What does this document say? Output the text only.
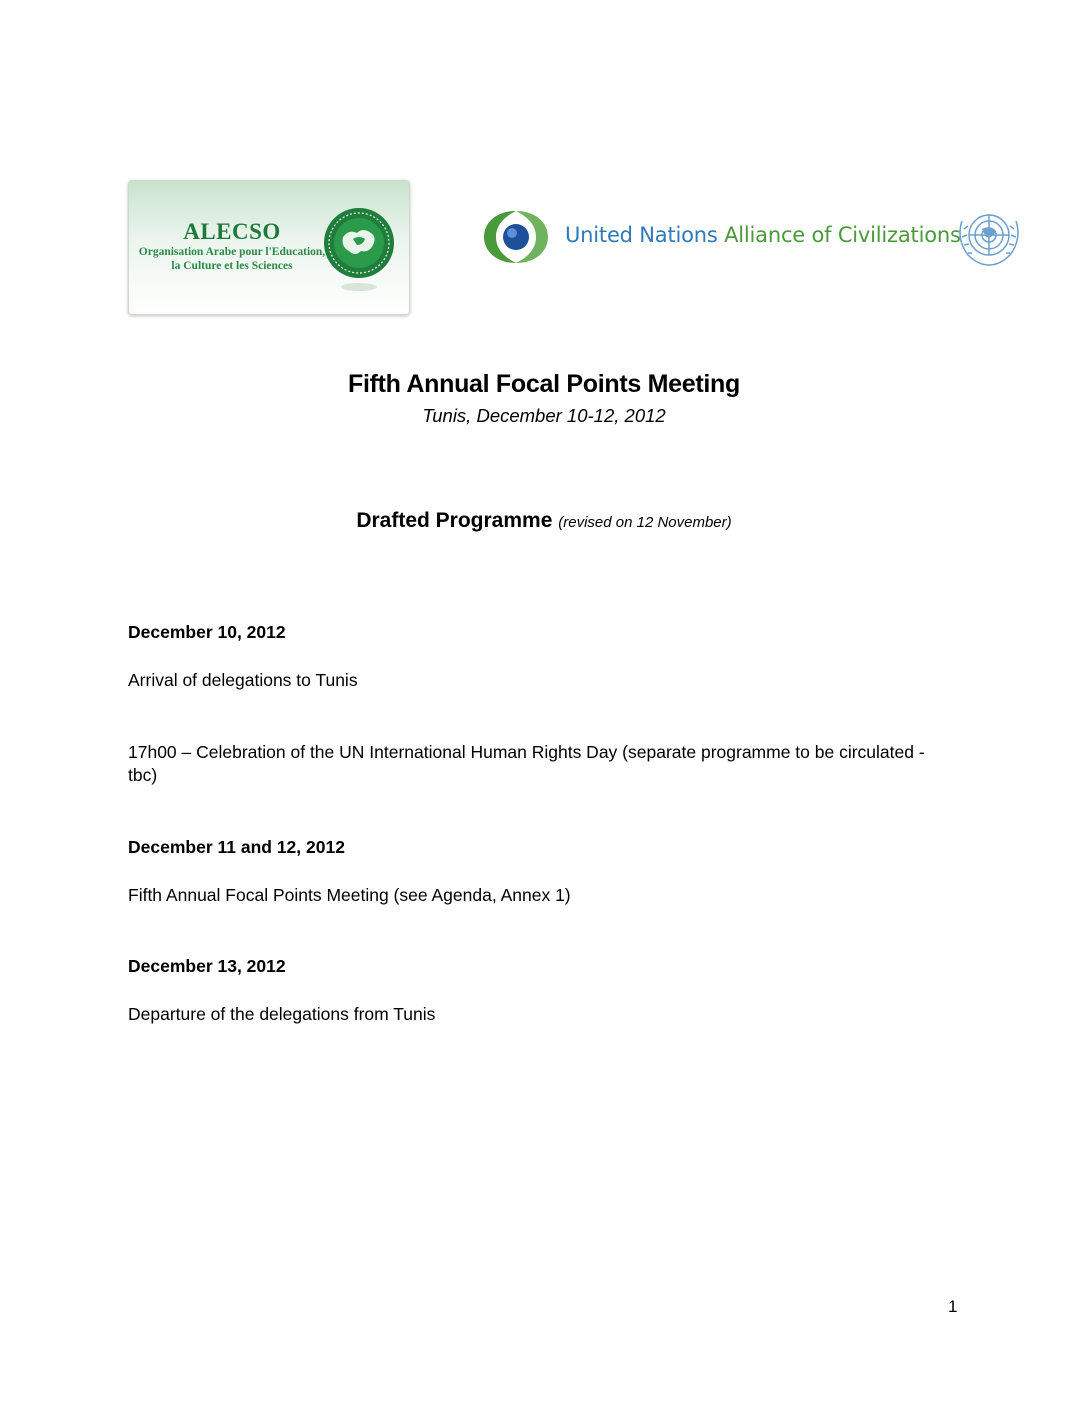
ALECSO
Organisation Arabe pour l'Education,
la Culture et les Sciences
United Nations Alliance of Civilizations
Fifth Annual Focal Points Meeting
Tunis, December 10-12, 2012
Drafted Programme (revised on 12 November)
December 10, 2012
Arrival of delegations to Tunis
17h00 – Celebration of the UN International Human Rights Day (separate programme to be circulated -
tbc)
December 11 and 12, 2012
Fifth Annual Focal Points Meeting (see Agenda, Annex 1)
December 13, 2012
Departure of the delegations from Tunis
1
